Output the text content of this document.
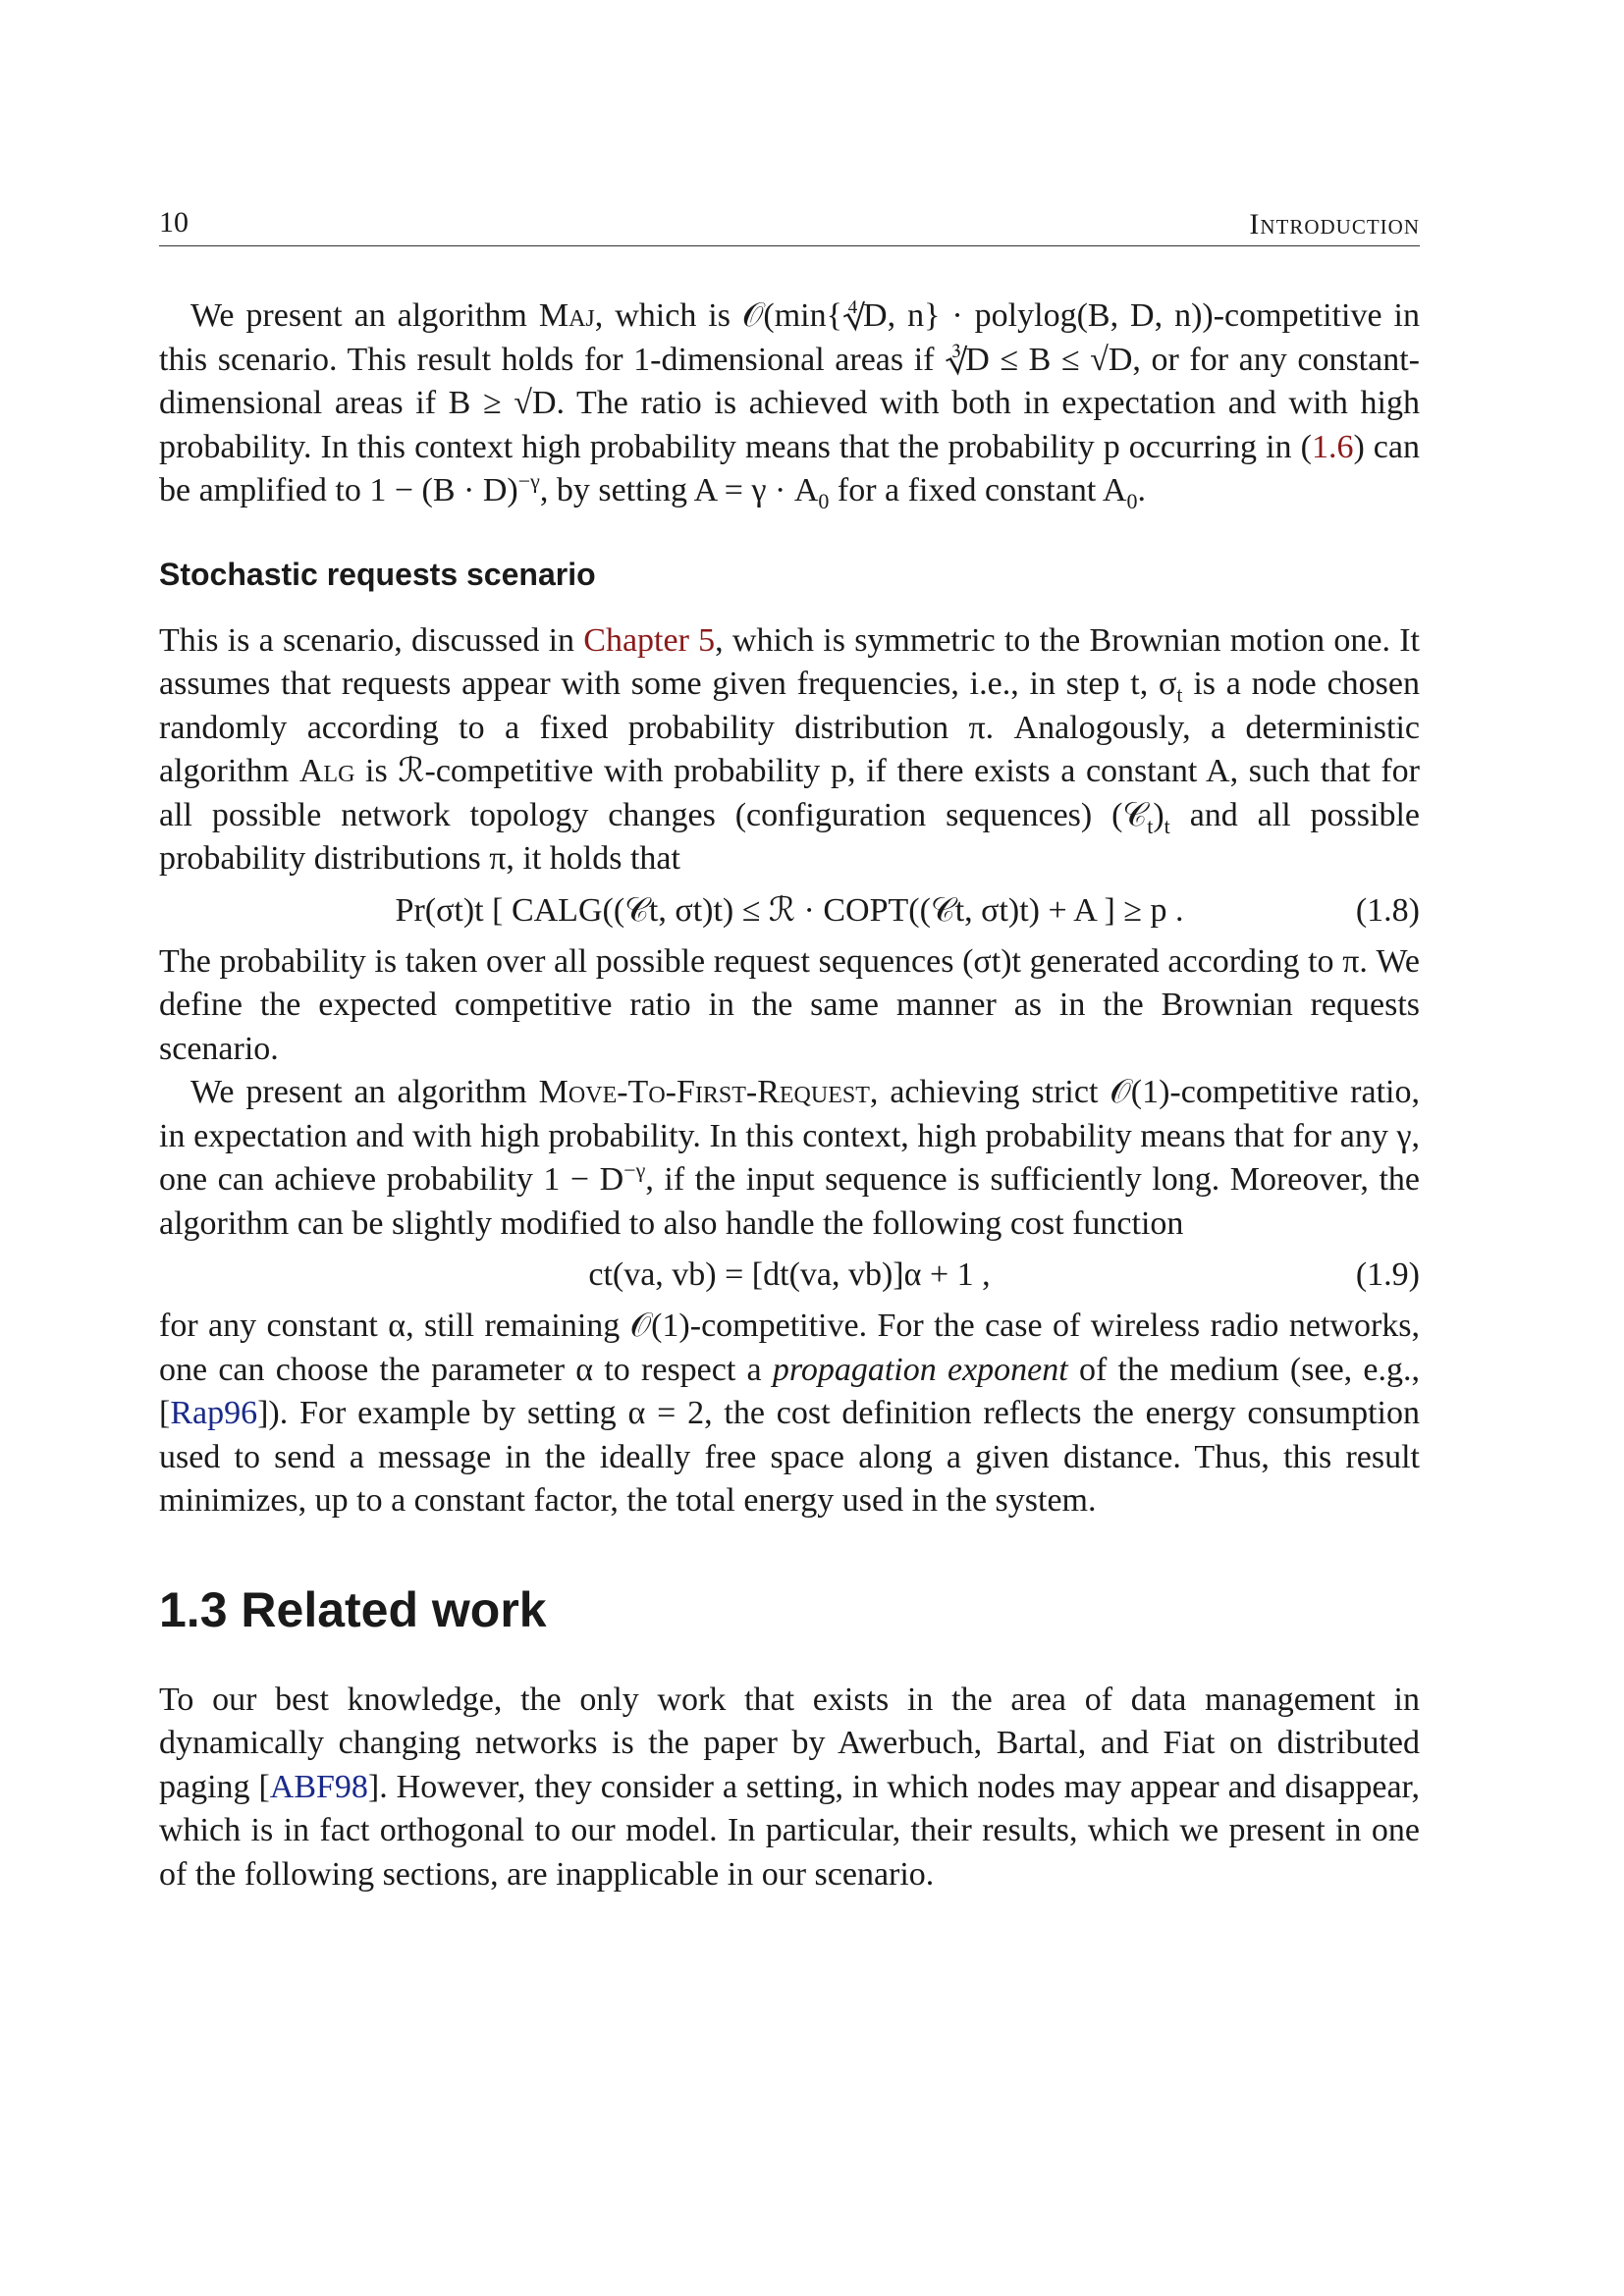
10	Introduction

We present an algorithm Maj, which is 𝒪(min{∜D, n} · polylog(B, D, n))-competitive in this scenario. This result holds for 1-dimensional areas if ∛D ≤ B ≤ √D, or for any constant-dimensional areas if B ≥ √D. The ratio is achieved with both in expectation and with high probability. In this context high probability means that the probability p occurring in (1.6) can be amplified to $1 - (B \cdot D)^{-\gamma}$, by setting $A = \gamma \cdot A_0$ for a fixed constant $A_0$.

Stochastic requests scenario

This is a scenario, discussed in Chapter 5, which is symmetric to the Brownian motion one. It assumes that requests appear with some given frequencies, i.e., in step t, $\sigma_t$ is a node chosen randomly according to a fixed probability distribution π. Analogously, a deterministic algorithm Alg is ℛ-competitive with probability p, if there exists a constant A, such that for all possible network topology changes (configuration sequences) $(𝒞_t)_t$ and all possible probability distributions π, it holds that

Pr(σt)t [ CALG((𝒞t, σt)t) ≤ ℛ · COPT((𝒞t, σt)t) + A ] ≥ p .	(1.8)

The probability is taken over all possible request sequences (σt)t generated according to π. We define the expected competitive ratio in the same manner as in the Brownian requests scenario.

We present an algorithm Move-To-First-Request, achieving strict 𝒪(1)-competitive ratio, in expectation and with high probability. In this context, high probability means that for any γ, one can achieve probability $1 - D^{-\gamma}$, if the input sequence is sufficiently long. Moreover, the algorithm can be slightly modified to also handle the following cost function

ct(va, vb) = [dt(va, vb)]α + 1 ,	(1.9)

for any constant α, still remaining 𝒪(1)-competitive. For the case of wireless radio networks, one can choose the parameter α to respect a propagation exponent of the medium (see, e.g., [Rap96]). For example by setting α = 2, the cost definition reflects the energy consumption used to send a message in the ideally free space along a given distance. Thus, this result minimizes, up to a constant factor, the total energy used in the system.

1.3 Related work

To our best knowledge, the only work that exists in the area of data management in dynamically changing networks is the paper by Awerbuch, Bartal, and Fiat on distributed paging [ABF98]. However, they consider a setting, in which nodes may appear and disappear, which is in fact orthogonal to our model. In particular, their results, which we present in one of the following sections, are inapplicable in our scenario.
